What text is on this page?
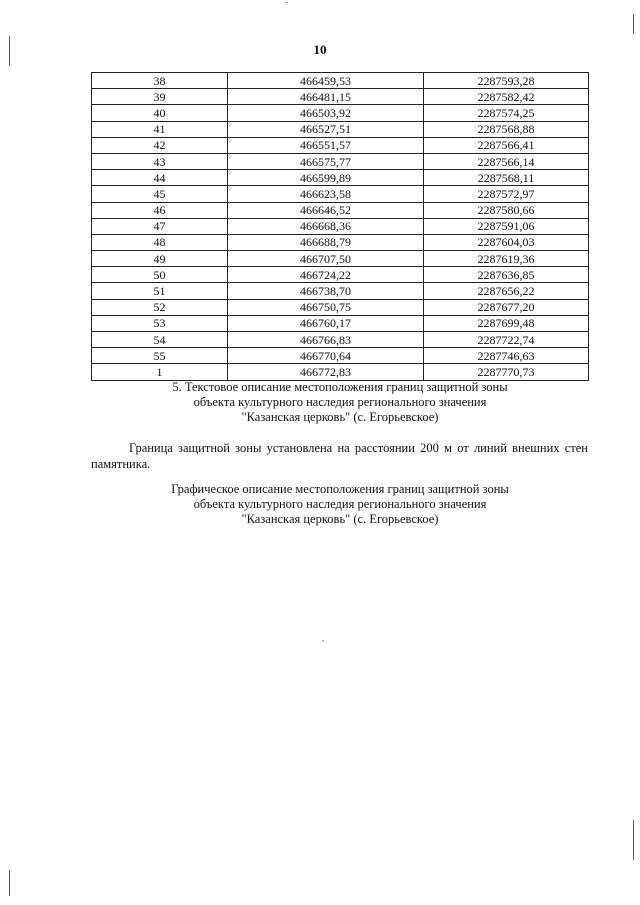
10
38	466459,53	2287593,28
39	466481,15	2287582,42
40	466503,92	2287574,25
41	466527,51	2287568,88
42	466551,57	2287566,41
43	466575,77	2287566,14
44	466599,89	2287568,11
45	466623,58	2287572,97
46	466646,52	2287580,66
47	466668,36	2287591,06
48	466688,79	2287604,03
49	466707,50	2287619,36
50	466724,22	2287636,85
51	466738,70	2287656,22
52	466750,75	2287677,20
53	466760,17	2287699,48
54	466766,83	2287722,74
55	466770,64	2287746,63
1	466772,83	2287770,73
5. Текстовое описание местоположения границ защитной зоны
объекта культурного наследия регионального значения
"Казанская церковь" (с. Егорьевское)
Граница защитной зоны установлена на расстоянии 200 м от линий внешних стен памятника.
Графическое описание местоположения границ защитной зоны
объекта культурного наследия регионального значения
"Казанская церковь" (с. Егорьевское)
